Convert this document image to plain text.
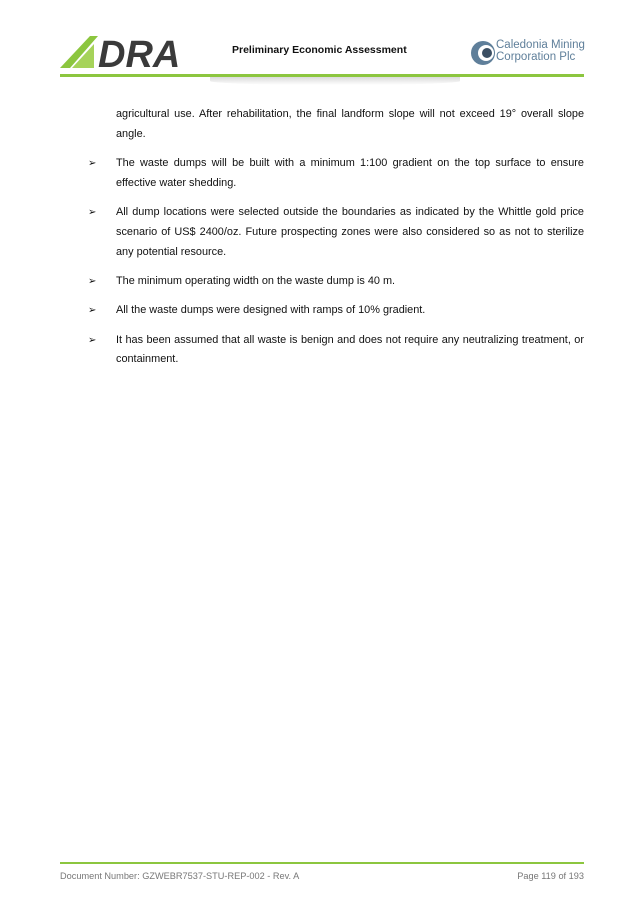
DRA	Preliminary Economic Assessment	Caledonia Mining
Corporation Plc

agricultural use. After rehabilitation, the final landform slope will not exceed 19° overall slope angle.

➢ The waste dumps will be built with a minimum 1:100 gradient on the top surface to ensure effective water shedding.
➢ All dump locations were selected outside the boundaries as indicated by the Whittle gold price scenario of US$ 2400/oz. Future prospecting zones were also considered so as not to sterilize any potential resource.
➢ The minimum operating width on the waste dump is 40 m.
➢ All the waste dumps were designed with ramps of 10% gradient.
➢ It has been assumed that all waste is benign and does not require any neutralizing treatment, or containment.
Document Number: GZWEBR7537-STU-REP-002 - Rev. A	Page 119 of 193
